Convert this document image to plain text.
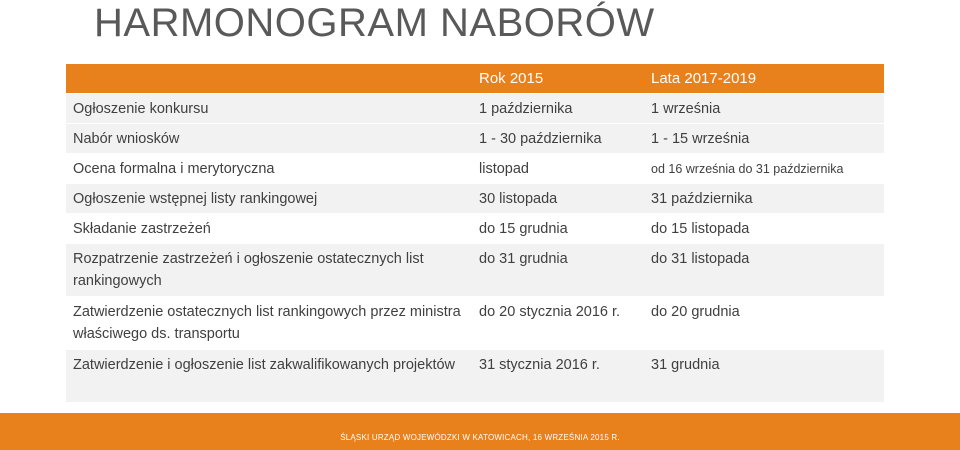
HARMONOGRAM NABORÓW
	Rok 2015	Lata 2017-2019
Ogłoszenie konkursu	1 października	1 września
Nabór wniosków	1 - 30 października	1 - 15 września
Ocena formalna i merytoryczna	listopad	od 16 września do 31 października
Ogłoszenie wstępnej listy rankingowej	30 listopada	31 października
Składanie zastrzeżeń	do 15 grudnia	do 15 listopada
Rozpatrzenie zastrzeżeń i ogłoszenie ostatecznych list rankingowych	do 31 grudnia	do 31 listopada
Zatwierdzenie ostatecznych list rankingowych przez ministra właściwego ds. transportu	do 20 stycznia 2016 r.	do 20 grudnia
Zatwierdzenie i ogłoszenie list zakwalifikowanych projektów	31 stycznia 2016 r.	31 grudnia
ŚLĄSKI URZĄD WOJEWÓDZKI W KATOWICACH, 16 WRZEŚNIA 2015 R.
